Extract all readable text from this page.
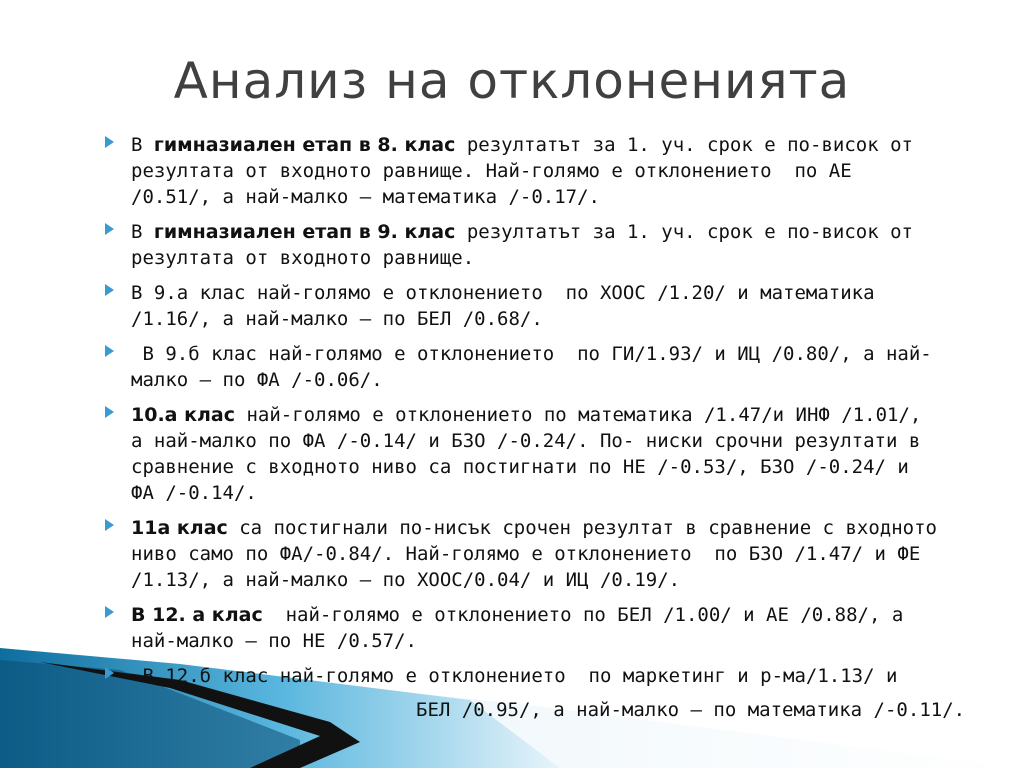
Анализ на отклоненията
В гимназиален етап в 8. клас резултатът за 1. уч. срок е по-висок от
резултата от входното равнище. Най-голямо е отклонението  по АЕ
/0.51/, а най-малко – математика /-0.17/.
В гимназиален етап в 9. клас резултатът за 1. уч. срок е по-висок от
резултата от входното равнище.
В 9.а клас най-голямо е отклонението  по ХООС /1.20/ и математика
/1.16/, а най-малко – по БЕЛ /0.68/.
В 9.б клас най-голямо е отклонението  по ГИ/1.93/ и ИЦ /0.80/, а най-
малко – по ФА /-0.06/.
10.а клас най-голямо е отклонението по математика /1.47/и ИНФ /1.01/,
а най-малко по ФА /-0.14/ и БЗО /-0.24/. По- ниски срочни резултати в
сравнение с входното ниво са постигнати по НЕ /-0.53/, БЗО /-0.24/ и
ФА /-0.14/.
11а клас са постигнали по-нисък срочен резултат в сравнение с входното
ниво само по ФА/-0.84/. Най-голямо е отклонението  по БЗО /1.47/ и ФЕ
/1.13/, а най-малко – по ХООС/0.04/ и ИЦ /0.19/.
В 12. а клас  най-голямо е отклонението по БЕЛ /1.00/ и АЕ /0.88/, а
най-малко – по НЕ /0.57/.
В 12.б клас най-голямо е отклонението  по маркетинг и р-ма/1.13/ и
БЕЛ /0.95/, а най-малко – по математика /-0.11/.
